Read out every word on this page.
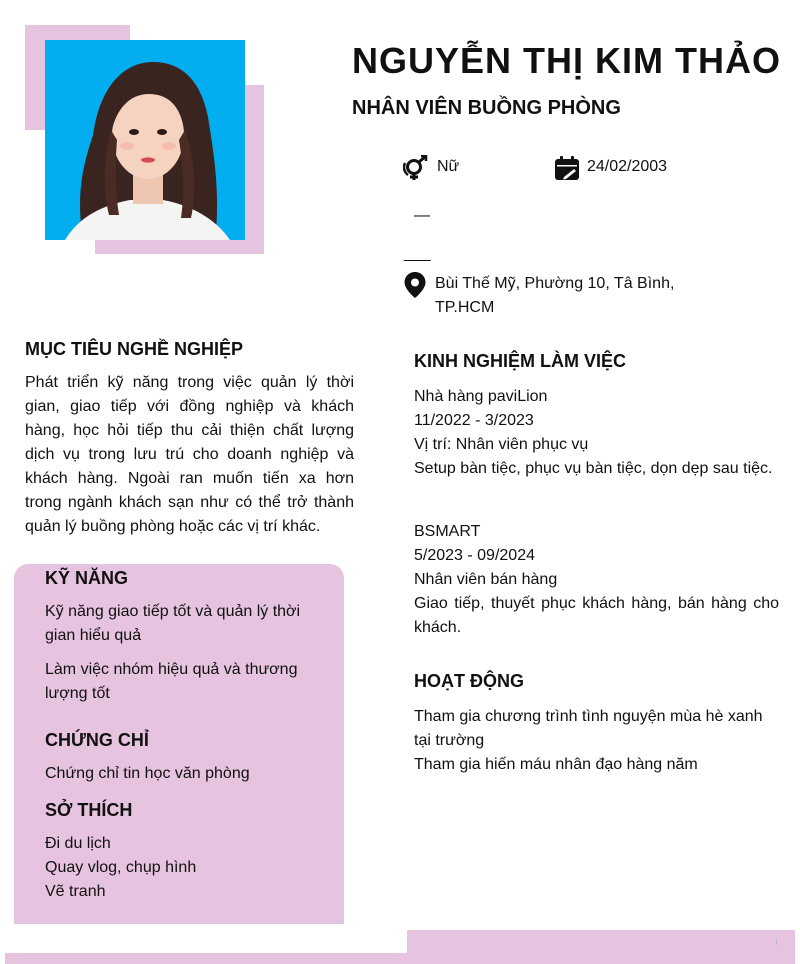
NGUYỄN THỊ KIM THẢO
NHÂN VIÊN BUỒNG PHÒNG
Nữ	24/02/2003
—
___
Bùi Thế Mỹ, Phường 10, Tâ Bình,
TP.HCM
MỤC TIÊU NGHỀ NGHIỆP
Phát triển kỹ năng trong việc quản lý thời gian, giao tiếp với đồng nghiệp và khách hàng, học hỏi tiếp thu cải thiện chất lượng dịch vụ trong lưu trú cho doanh nghiệp và khách hàng. Ngoài ran muốn tiến xa hơn trong ngành khách sạn như có thể trở thành quản lý buồng phòng hoặc các vị trí khác.
KỸ NĂNG
Kỹ năng giao tiếp tốt và quản lý thời gian hiểu quả
Làm việc nhóm hiệu quả và thương lượng tốt
CHỨNG CHỈ
Chứng chỉ tin học văn phòng
SỞ THÍCH
Đi du lịch
Quay vlog, chụp hình
Vẽ tranh
KINH NGHIỆM LÀM VIỆC
Nhà hàng paviLion
11/2022 - 3/2023
Vị trí: Nhân viên phục vụ
Setup bàn tiệc, phục vụ bàn tiệc, dọn dẹp sau tiệc.
BSMART
5/2023 - 09/2024
Nhân viên bán hàng
Giao tiếp, thuyết phục khách hàng, bán hàng cho khách.
HOẠT ĐỘNG
Tham gia chương trình tình nguyện mùa hè xanh tại trường
Tham gia hiến máu nhân đạo hàng năm
